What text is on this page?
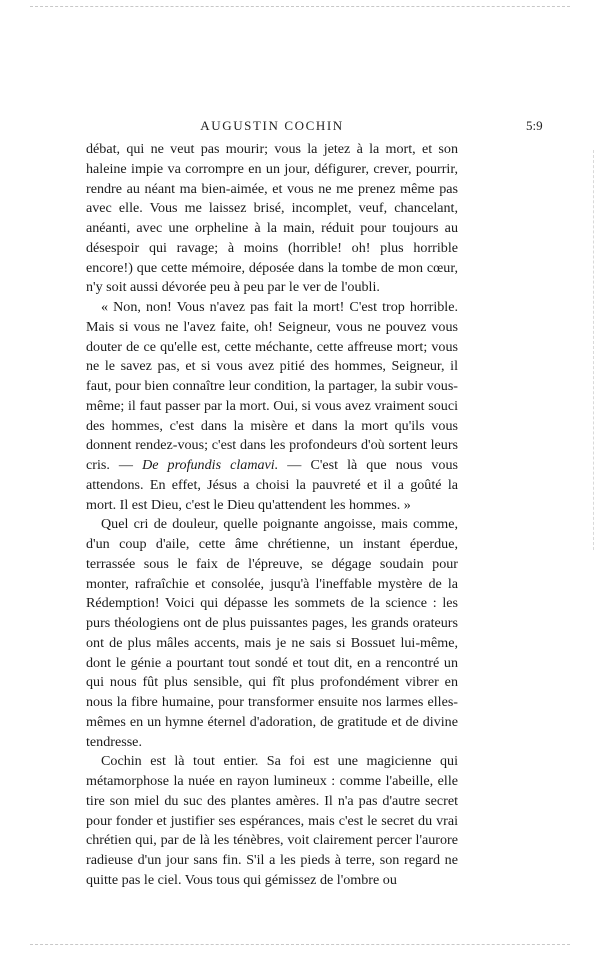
AUGUSTIN COCHIN	5:9

débat, qui ne veut pas mourir; vous la jetez à la mort, et son haleine impie va corrompre en un jour, défigurer, crever, pourrir, rendre au néant ma bien-aimée, et vous ne me prenez même pas avec elle. Vous me laissez brisé, incomplet, veuf, chancelant, anéanti, avec une orpheline à la main, réduit pour toujours au désespoir qui ravage; à moins (horrible! oh! plus horrible encore!) que cette mémoire, déposée dans la tombe de mon cœur, n'y soit aussi dévorée peu à peu par le ver de l'oubli.

« Non, non! Vous n'avez pas fait la mort! C'est trop horrible. Mais si vous ne l'avez faite, oh! Seigneur, vous ne pouvez vous douter de ce qu'elle est, cette méchante, cette affreuse mort; vous ne le savez pas, et si vous avez pitié des hommes, Seigneur, il faut, pour bien connaître leur condition, la partager, la subir vous-même; il faut passer par la mort. Oui, si vous avez vraiment souci des hommes, c'est dans la misère et dans la mort qu'ils vous donnent rendez-vous; c'est dans les profondeurs d'où sortent leurs cris. — De profundis clamavi. — C'est là que nous vous attendons. En effet, Jésus a choisi la pauvreté et il a goûté la mort. Il est Dieu, c'est le Dieu qu'attendent les hommes. »

Quel cri de douleur, quelle poignante angoisse, mais comme, d'un coup d'aile, cette âme chrétienne, un instant éperdue, terrassée sous le faix de l'épreuve, se dégage soudain pour monter, rafraîchie et consolée, jusqu'à l'ineffable mystère de la Rédemption! Voici qui dépasse les sommets de la science : les purs théologiens ont de plus puissantes pages, les grands orateurs ont de plus mâles accents, mais je ne sais si Bossuet lui-même, dont le génie a pourtant tout sondé et tout dit, en a rencontré un qui nous fût plus sensible, qui fît plus profondément vibrer en nous la fibre humaine, pour transformer ensuite nos larmes elles-mêmes en un hymne éternel d'adoration, de gratitude et de divine tendresse.

Cochin est là tout entier. Sa foi est une magicienne qui métamorphose la nuée en rayon lumineux : comme l'abeille, elle tire son miel du suc des plantes amères. Il n'a pas d'autre secret pour fonder et justifier ses espérances, mais c'est le secret du vrai chrétien qui, par de là les ténèbres, voit clairement percer l'aurore radieuse d'un jour sans fin. S'il a les pieds à terre, son regard ne quitte pas le ciel. Vous tous qui gémissez de l'ombre ou
